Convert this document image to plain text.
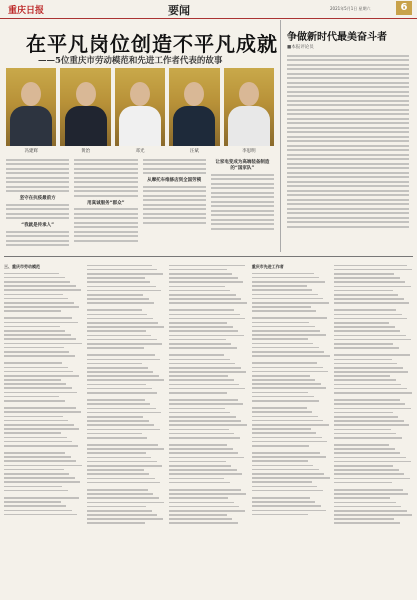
重庆日报	要闻	2021年5月1日 星期六	6
在平凡岗位创造不平凡成就
——5位重庆市劳动模范和先进工作者代表的故事
冯建辉	黄治	邓光	汪斌	李思明
坚守在抗疫最前方
“我就是传承人”
用真诚服务“群众”
从摩托车维修店到全国劳模
让家电变成为高端装备制造的“国家队”
争做新时代最美奋斗者
■本报评论员
三、重庆市劳动模范	重庆市先进工作者
